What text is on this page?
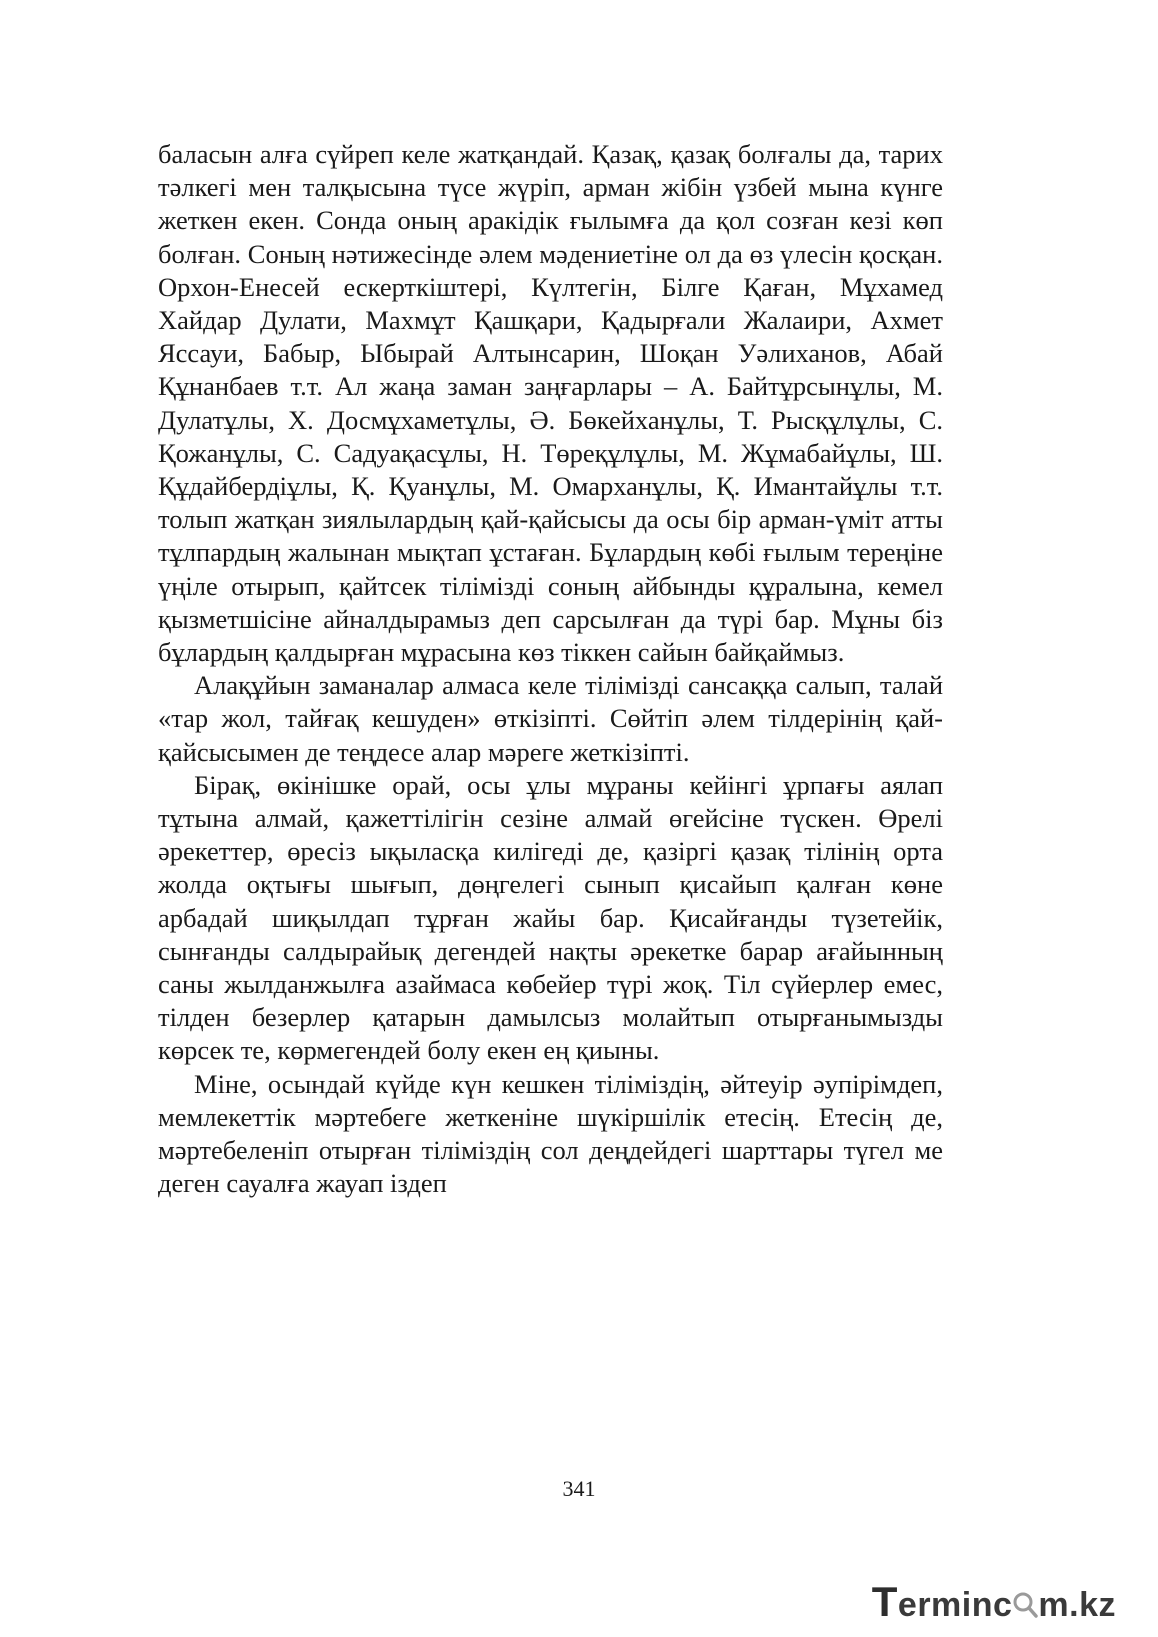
баласын алға сүйреп келе жатқандай. Қазақ, қазақ болғалы да, тарих тәлкегі мен талқысына түсе жүріп, арман жібін үзбей мына күнге жеткен екен. Сонда оның аракідік ғылымға да қол созған кезі көп болған. Соның нәтижесінде әлем мәдениетіне ол да өз үлесін қосқан. Орхон-Енесей ескерткіштері, Күлтегін, Білге Қаған, Мұхамед Хайдар Дулати, Махмұт Қашқари, Қадырғали Жалаири, Ахмет Яссауи, Бабыр, Ыбырай Алтынсарин, Шоқан Уәлиханов, Абай Құнанбаев т.т. Ал жаңа заман заңғарлары – А. Байтұрсынұлы, М. Дулатұлы, Х. Досмұхаметұлы, Ә. Бөкейханұлы, Т. Рысқұлұлы, С. Қожанұлы, С. Садуақасұлы, Н. Төреқұлұлы, М. Жұмабайұлы, Ш. Құдайбердіұлы, Қ. Қуанұлы, М. Омарханұлы, Қ. Имантайұлы т.т. толып жатқан зиялылардың қай-қайсысы да осы бір арман-үміт атты тұлпардың жалынан мықтап ұстаған. Бұлардың көбі ғылым тереңіне үңіле отырып, қайтсек тілімізді соның айбынды құралына, кемел қызметшісіне айналдырамыз деп сарсылған да түрі бар. Мұны біз бұлардың қалдырған мұрасына көз тіккен сайын байқаймыз.

Алақұйын заманалар алмаса келе тілімізді сансаққа салып, талай «тар жол, тайғақ кешуден» өткізіпті. Сөйтіп әлем тілдерінің қай-қайсысымен де теңдесе алар мәреге жеткізіпті.

Бірақ, өкінішке орай, осы ұлы мұраны кейінгі ұрпағы аялап тұтына алмай, қажеттілігін сезіне алмай өгейсіне түскен. Өрелі әрекеттер, өресіз ықыласқа килігеді де, қазіргі қазақ тілінің орта жолда оқтығы шығып, дөңгелегі сынып қисайып қалған көне арбадай шиқылдап тұрған жайы бар. Қисайғанды түзетейік, сынғанды салдырайық дегендей нақты әрекетке барар ағайынның саны жылданжылға азаймаса көбейер түрі жоқ. Тіл сүйерлер емес, тілден безерлер қатарын дамылсыз молайтып отырғанымызды көрсек те, көрмегендей болу екен ең қиыны.

Міне, осындай күйде күн кешкен тіліміздің, әйтеуір әупірімдеп, мемлекеттік мәртебеге жеткеніне шүкіршілік етесің. Етесің де, мәртебеленіп отырған тіліміздің сол деңдейдегі шарттары түгел ме деген сауалға жауап іздеп

341
Terminc m.kz
